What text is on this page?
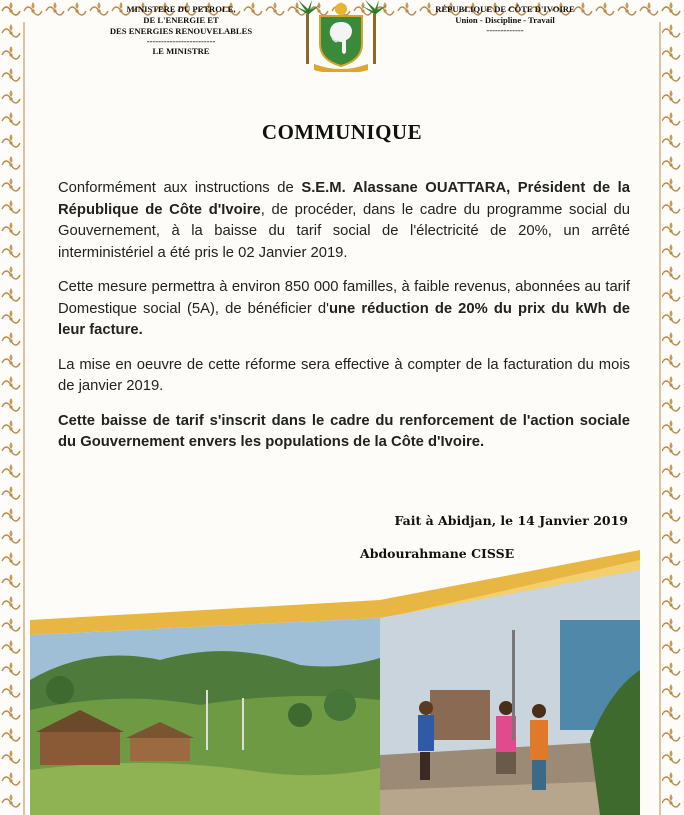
MINISTERE DU PETROLE,
DE L'ENERGIE ET
DES ENERGIES RENOUVELABLES
------------------------
LE MINISTRE
RÉPUBLIQUE DE CÔTE D'IVOIRE
Union - Discipline - Travail
-------------
COMMUNIQUE

Conformément aux instructions de S.E.M. Alassane OUATTARA, Président de la République de Côte d'Ivoire, de procéder, dans le cadre du programme social du Gouvernement, à la baisse du tarif social de l'électricité de 20%, un arrêté interministériel a été pris le 02 Janvier 2019.

Cette mesure permettra à environ 850 000 familles, à faible revenus, abonnées au tarif Domestique social (5A), de bénéficier d'une réduction de 20% du prix du kWh de leur facture.

La mise en oeuvre de cette réforme sera effective à compter de la facturation du mois de janvier 2019.

Cette baisse de tarif s'inscrit dans le cadre du renforcement de l'action sociale du Gouvernement envers les populations de la Côte d'Ivoire.

Fait à Abidjan, le 14 Janvier 2019
Abdourahmane CISSE
